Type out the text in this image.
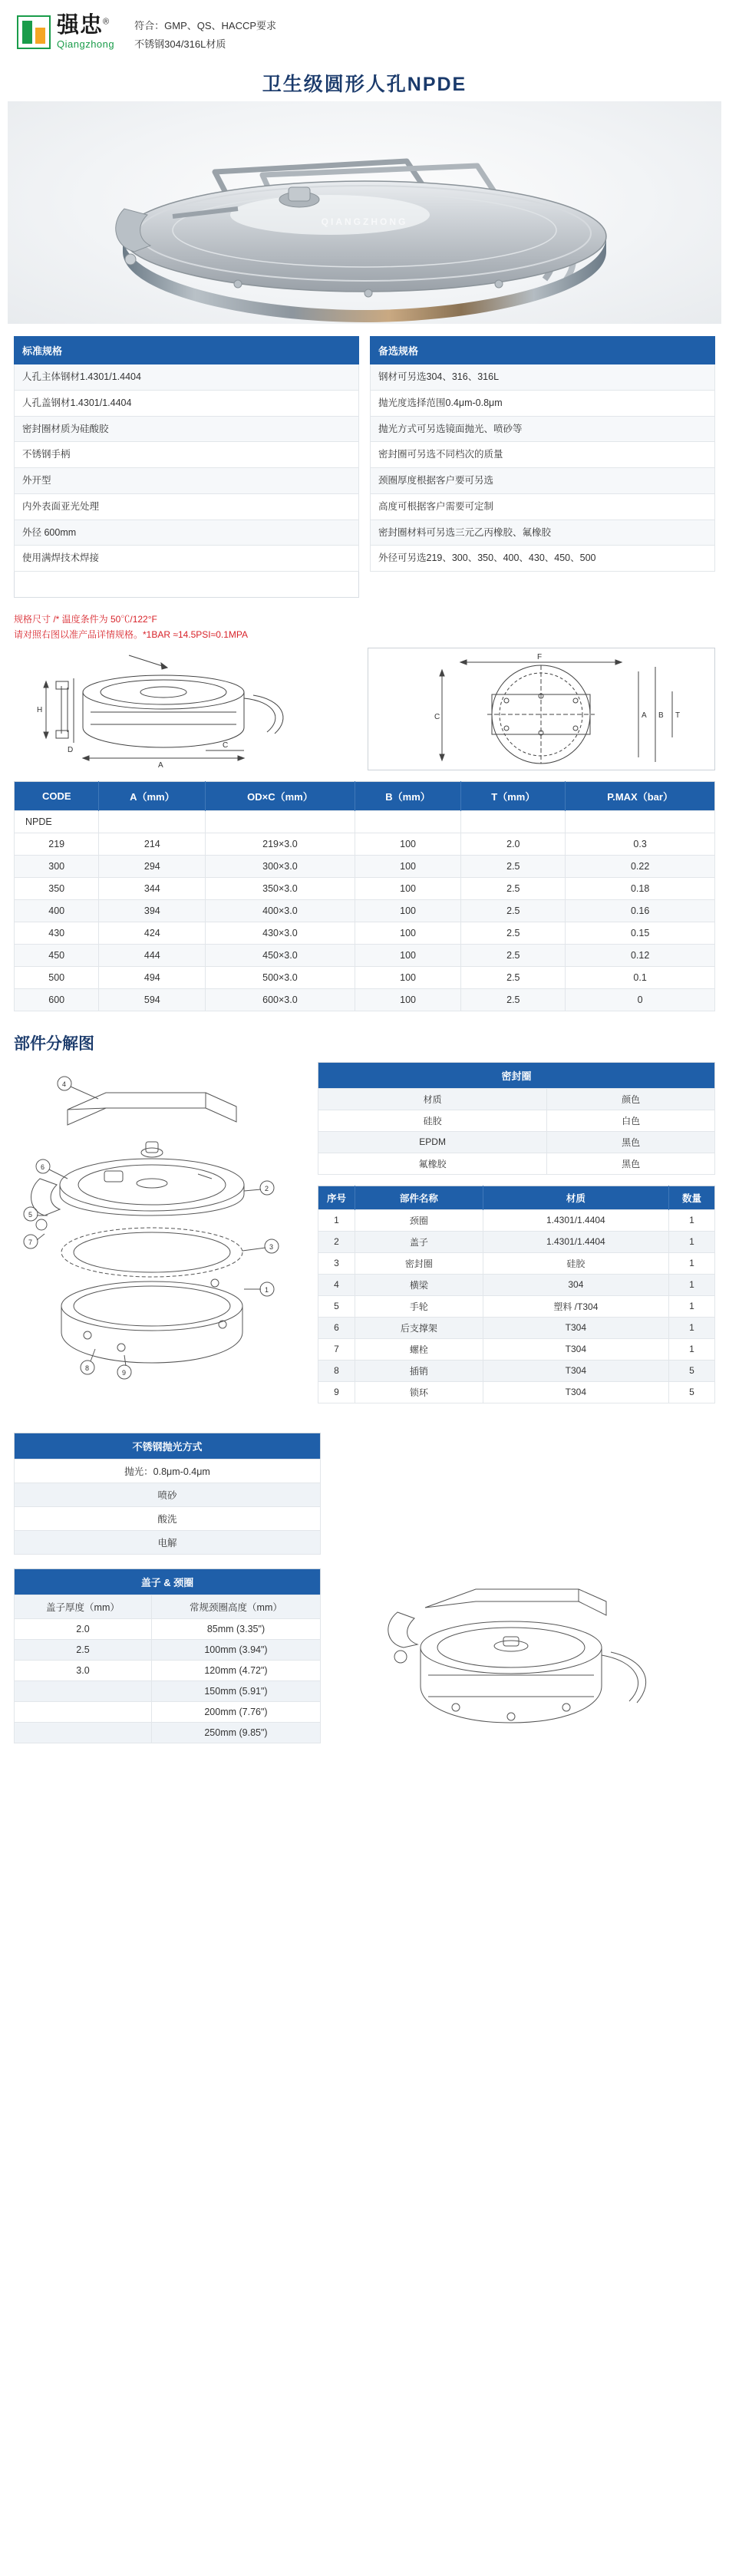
强忠®
Qiangzhong
符合：GMP、QS、HACCP要求
不锈钢304/316L材质
卫生级圆形人孔NPDE
QIANGZHONG
标准规格
人孔主体钢材1.4301/1.4404
人孔盖钢材1.4301/1.4404
密封圈材质为硅酸胶
不锈钢手柄
外开型
内外表面亚光处理
外径 600mm
使用满焊技术焊接

备选规格
钢材可另选304、316、316L
抛光度选择范围0.4μm-0.8μm
抛光方式可另选镜面抛光、喷砂等
密封圈可另选不同档次的质量
颈圈厚度根据客户要可另选
高度可根据客户需要可定制
密封圈材料可另选三元乙丙橡胶、氟橡胶
外径可另选219、300、350、400、430、450、500
规格尺寸 /* 温度条件为 50℃/122°F
请对照右图以准产品详情规格。*1BAR ≈14.5PSI≈0.1MPA
H
D
A
C
F
C	A B T
CODE	A（mm）	OD×C（mm）	B（mm）	T（mm）	P.MAX（bar）
NPDE					
219	214	219×3.0	100	2.0	0.3
300	294	300×3.0	100	2.5	0.22
350	344	350×3.0	100	2.5	0.18
400	394	400×3.0	100	2.5	0.16
430	424	430×3.0	100	2.5	0.15
450	444	450×3.0	100	2.5	0.12
500	494	500×3.0	100	2.5	0.1
600	594	600×3.0	100	2.5	0
部件分解图
4
2
3
6
5
7
1
8
9
密封圈	
材质	颜色
硅胶	白色
EPDM	黑色
氟橡胶	黑色
序号	部件名称	材质	数量
1	颈圈	1.4301/1.4404	1
2	盖子	1.4301/1.4404	1
3	密封圈	硅胶	1
4	横梁	304	1
5	手轮	塑料 /T304	1
6	后支撑架	T304	1
7	螺栓	T304	1
8	插销	T304	5
9	锁环	T304	5
不锈钢抛光方式
抛光：0.8μm-0.4μm
喷砂
酸洗
电解
盖子 & 颈圈	
盖子厚度（mm）	常规颈圈高度（mm）
2.0	85mm (3.35")
2.5	100mm (3.94")
3.0	120mm (4.72")
	150mm (5.91")
	200mm (7.76")
	250mm (9.85")
